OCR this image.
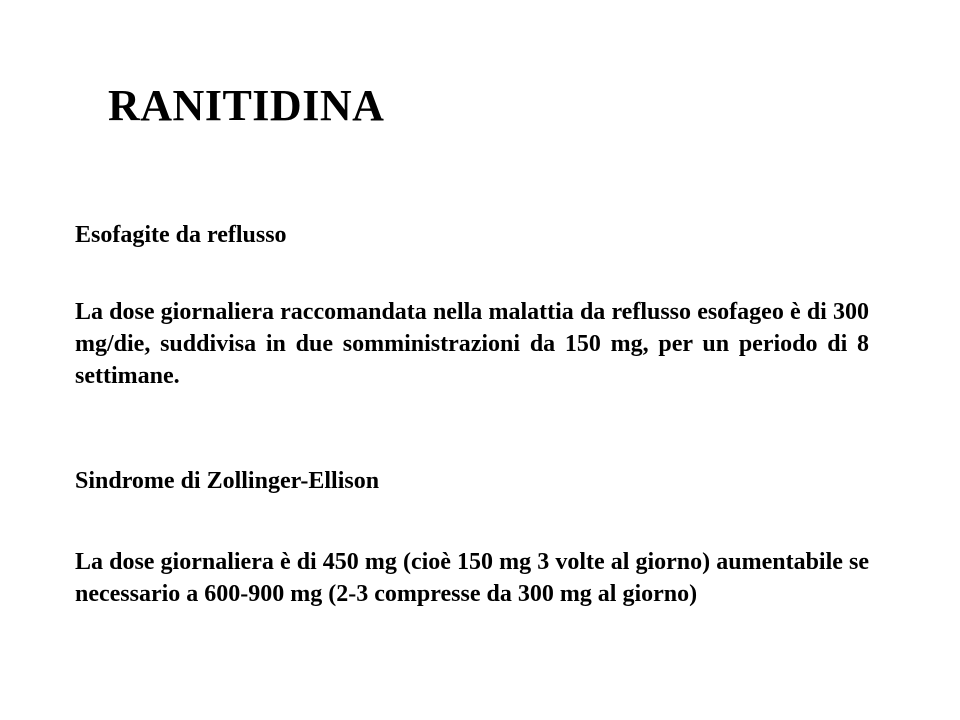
RANITIDINA
Esofagite da reflusso

La dose giornaliera raccomandata nella malattia da reflusso esofageo è di 300 mg/die, suddivisa in due somministrazioni da 150 mg, per un periodo di 8 settimane.

Sindrome di Zollinger-Ellison

La dose giornaliera è di 450 mg (cioè 150 mg 3 volte al giorno) aumentabile se necessario a 600-900 mg (2-3 compresse da 300 mg al giorno)
